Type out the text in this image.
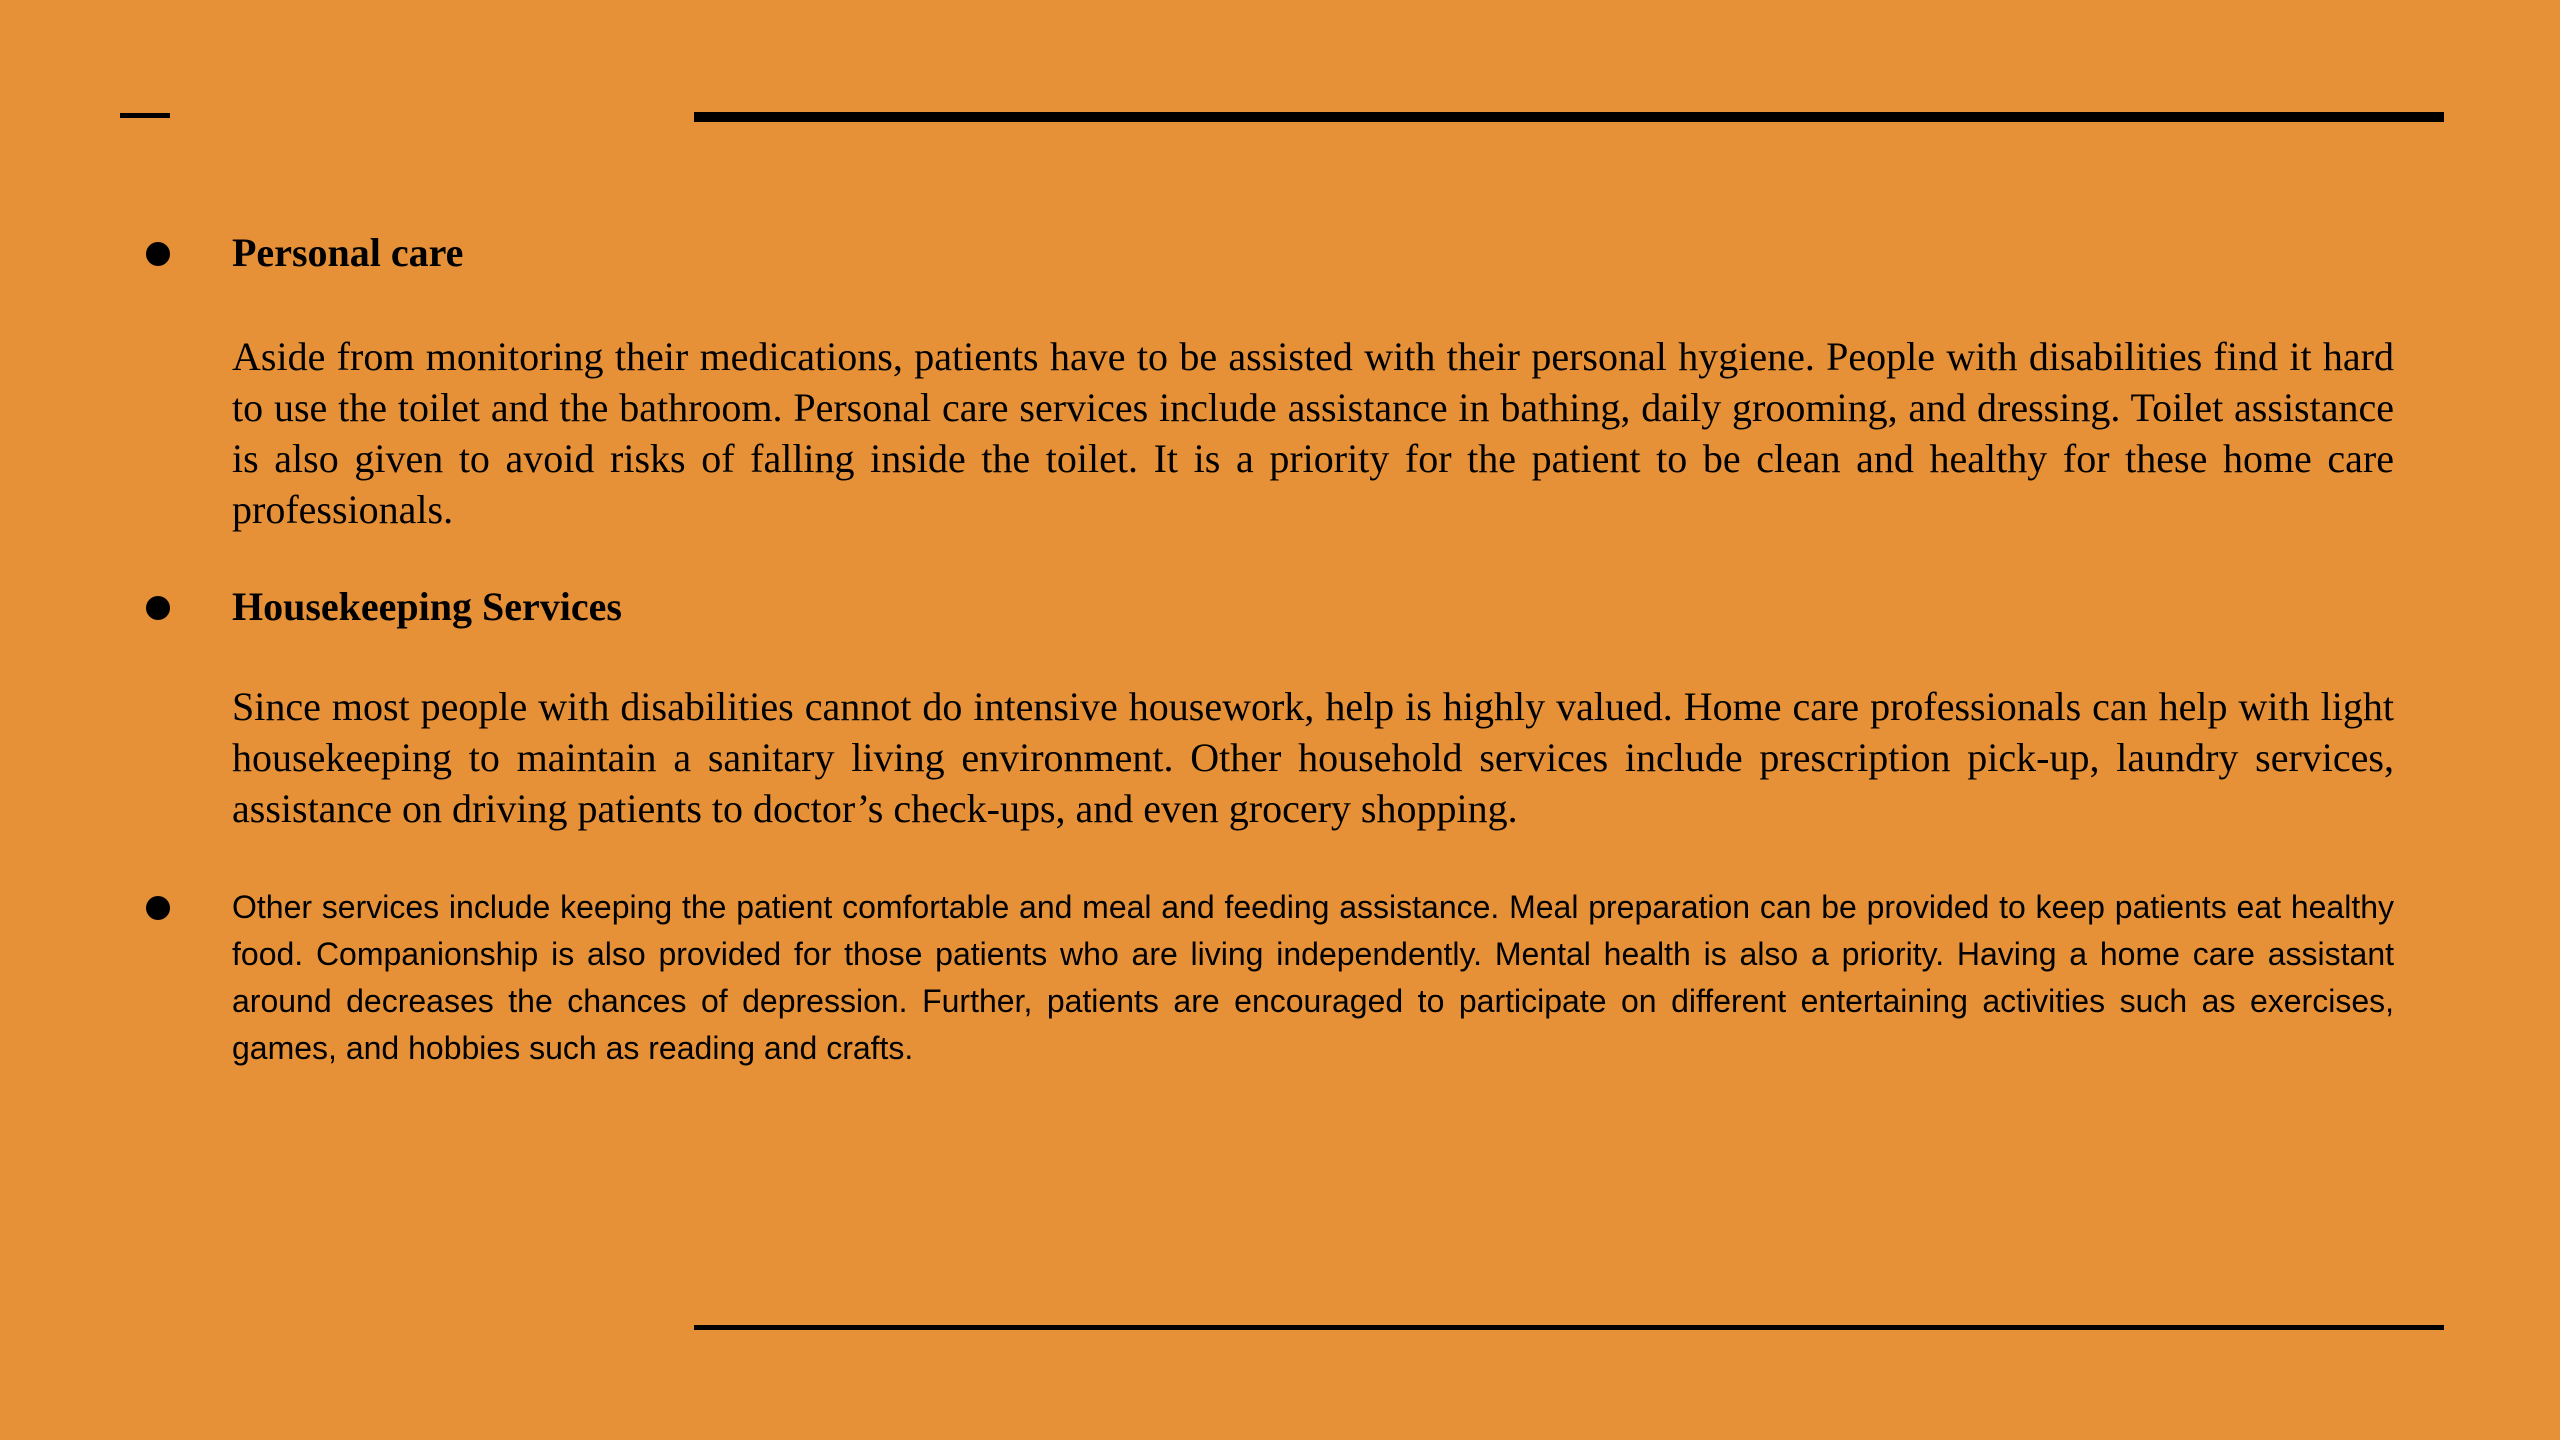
Personal care

Aside from monitoring their medications, patients have to be assisted with their personal hygiene. People with disabilities find it hard to use the toilet and the bathroom. Personal care services include assistance in bathing, daily grooming, and dressing. Toilet assistance is also given to avoid risks of falling inside the toilet. It is a priority for the patient to be clean and healthy for these home care professionals.

Housekeeping Services

Since most people with disabilities cannot do intensive housework, help is highly valued. Home care professionals can help with light housekeeping to maintain a sanitary living environment. Other household services include prescription pick-up, laundry services, assistance on driving patients to doctor’s check-ups, and even grocery shopping.

Other services include keeping the patient comfortable and meal and feeding assistance. Meal preparation can be provided to keep patients eat healthy food. Companionship is also provided for those patients who are living independently. Mental health is also a priority. Having a home care assistant around decreases the chances of depression. Further, patients are encouraged to participate on different entertaining activities such as exercises, games, and hobbies such as reading and crafts.
